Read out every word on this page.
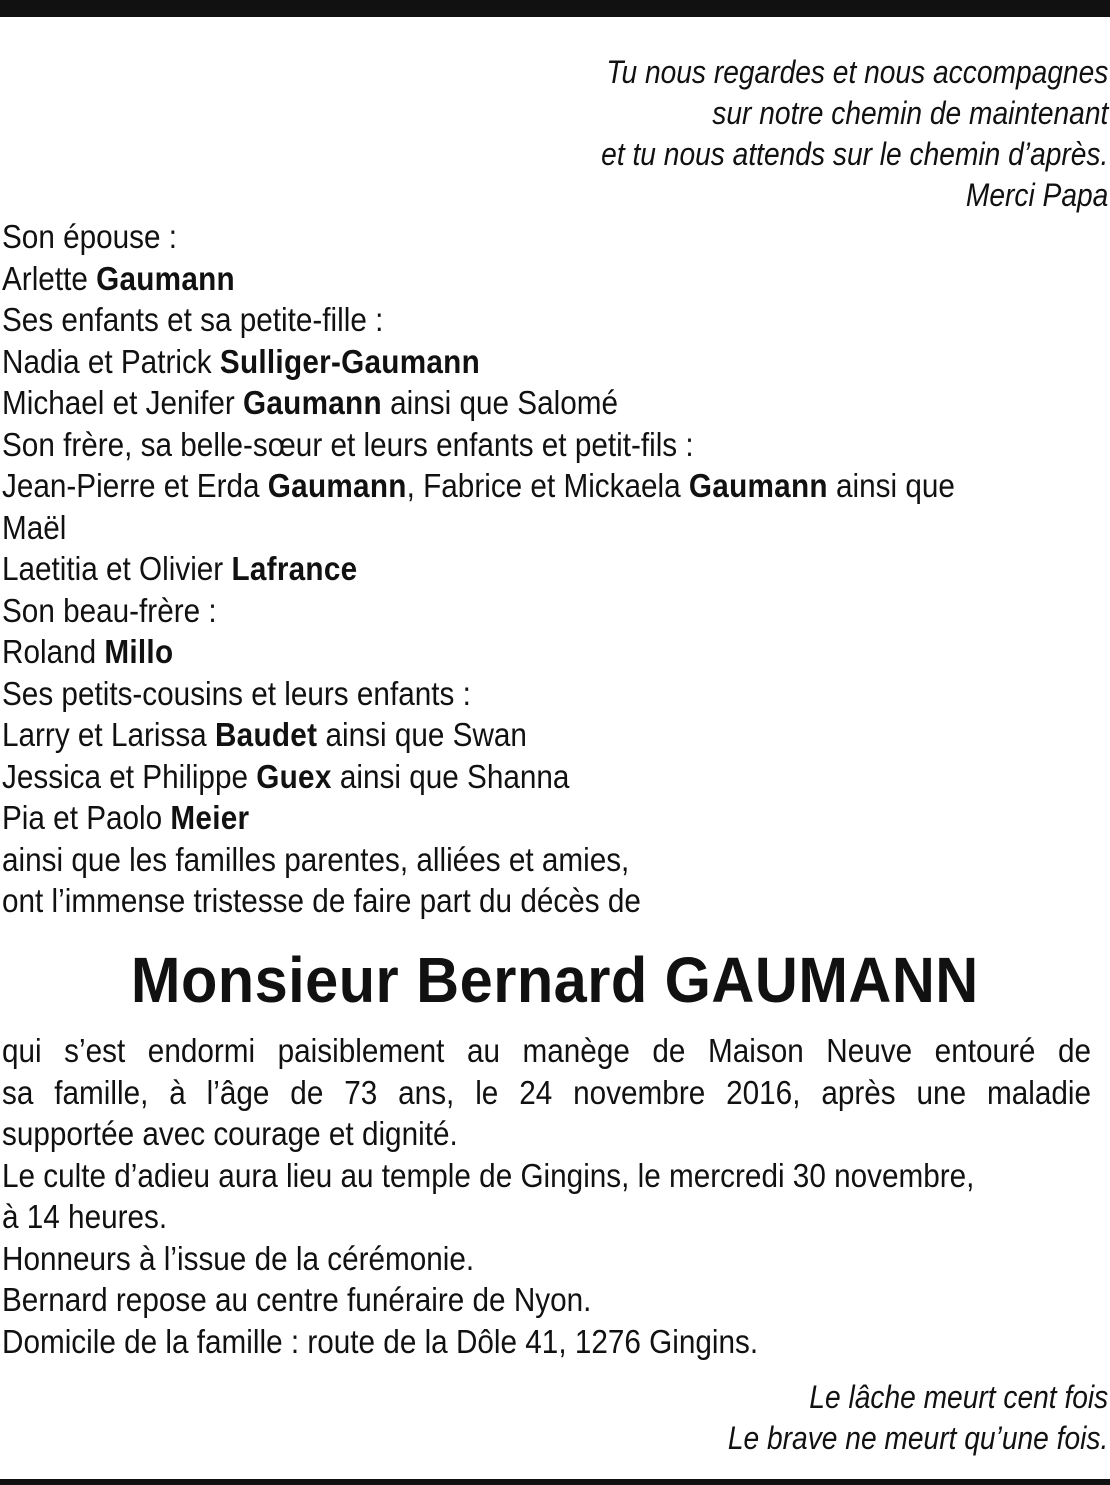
Tu nous regardes et nous accompagnes
sur notre chemin de maintenant
et tu nous attends sur le chemin d’après.
Merci Papa
Son épouse :
Arlette Gaumann
Ses enfants et sa petite-fille :
Nadia et Patrick Sulliger-Gaumann
Michael et Jenifer Gaumann ainsi que Salomé
Son frère, sa belle-sœur et leurs enfants et petit-fils :
Jean-Pierre et Erda Gaumann, Fabrice et Mickaela Gaumann ainsi que
Maël
Laetitia et Olivier Lafrance
Son beau-frère :
Roland Millo
Ses petits-cousins et leurs enfants :
Larry et Larissa Baudet ainsi que Swan
Jessica et Philippe Guex ainsi que Shanna
Pia et Paolo Meier
ainsi que les familles parentes, alliées et amies,
ont l’immense tristesse de faire part du décès de
Monsieur Bernard GAUMANN
qui s’est endormi paisiblement au manège de Maison Neuve entouré de
sa famille, à l’âge de 73 ans, le 24 novembre 2016, après une maladie
supportée avec courage et dignité.
Le culte d’adieu aura lieu au temple de Gingins, le mercredi 30 novembre,
à 14 heures.
Honneurs à l’issue de la cérémonie.
Bernard repose au centre funéraire de Nyon.
Domicile de la famille : route de la Dôle 41, 1276 Gingins.
Le lâche meurt cent fois
Le brave ne meurt qu’une fois.
